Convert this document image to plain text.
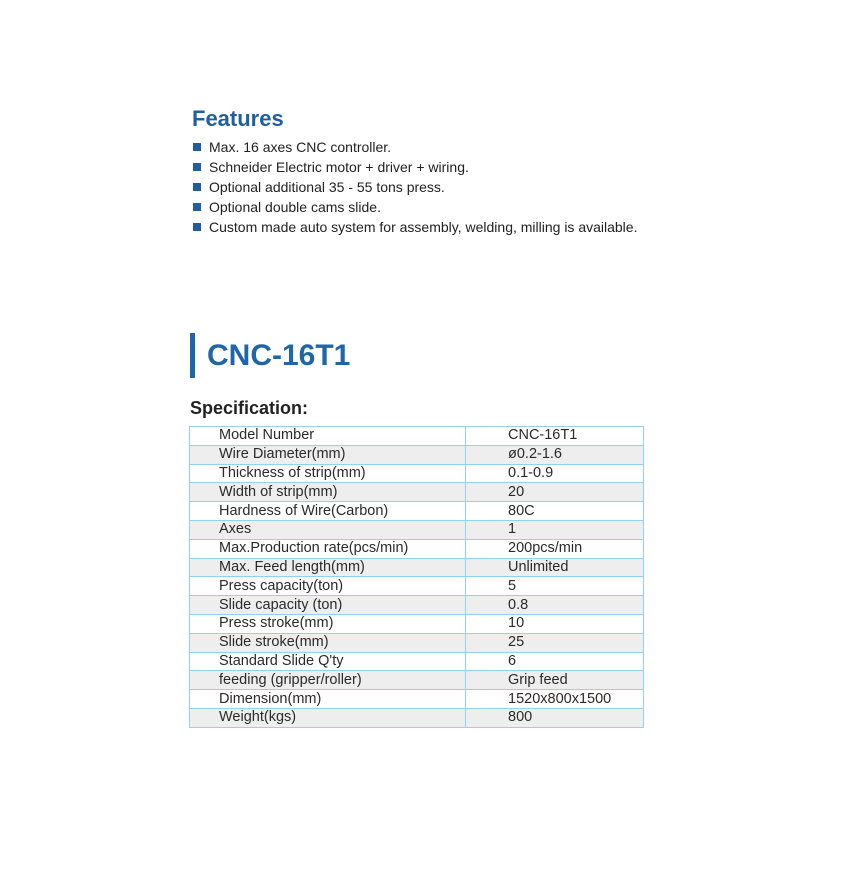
Features
Max. 16 axes CNC controller.
Schneider Electric motor + driver + wiring.
Optional additional 35 - 55 tons press.
Optional double cams slide.
Custom made auto system for assembly, welding, milling is available.
CNC-16T1
Specification:
Model Number	CNC-16T1
Wire Diameter(mm)	ø0.2-1.6
Thickness of strip(mm)	0.1-0.9
Width of strip(mm)	20
Hardness of Wire(Carbon)	80C
Axes	1
Max.Production rate(pcs/min)	200pcs/min
Max. Feed length(mm)	Unlimited
Press capacity(ton)	5
Slide capacity (ton)	0.8
Press stroke(mm)	10
Slide stroke(mm)	25
Standard Slide Q'ty	6
feeding (gripper/roller)	Grip feed
Dimension(mm)	1520x800x1500
Weight(kgs)	800
